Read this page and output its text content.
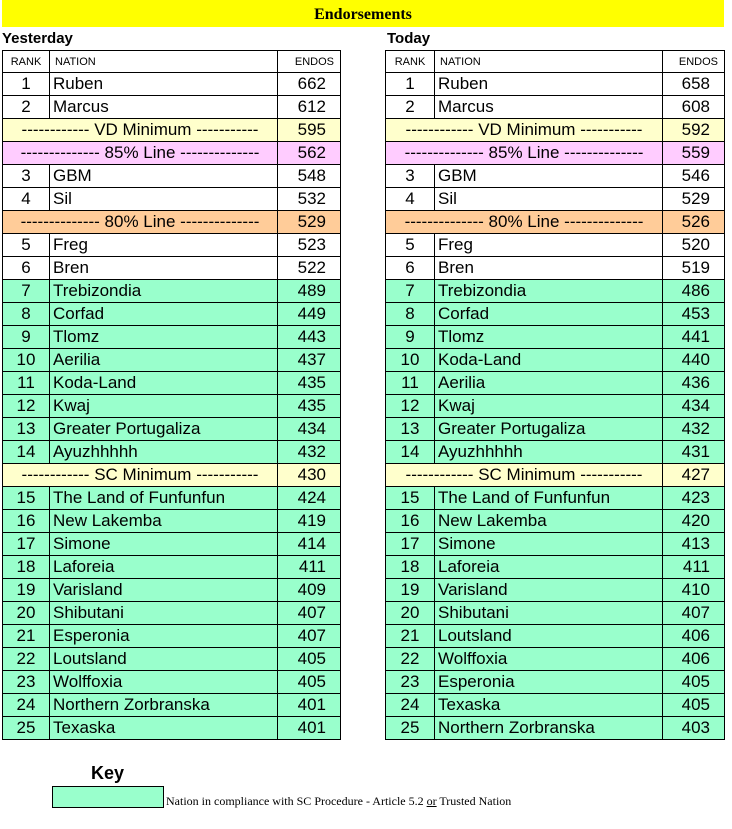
Endorsements
Yesterday	Today
RANK	NATION	ENDOS
1	Ruben	662
2	Marcus	612
------------ VD Minimum -----------		595
-------------- 85% Line --------------		562
3	GBM	548
4	Sil	532
-------------- 80% Line --------------		529
5	Freg	523
6	Bren	522
7	Trebizondia	489
8	Corfad	449
9	Tlomz	443
10	Aerilia	437
11	Koda-Land	435
12	Kwaj	435
13	Greater Portugaliza	434
14	Ayuzhhhhh	432
------------ SC Minimum -----------		430
15	The Land of Funfunfun	424
16	New Lakemba	419
17	Simone	414
18	Laforeia	411
19	Varisland	409
20	Shibutani	407
21	Esperonia	407
22	Loutsland	405
23	Wolffoxia	405
24	Northern Zorbranska	401
25	Texaska	401
RANK	NATION	ENDOS
1	Ruben	658
2	Marcus	608
------------ VD Minimum -----------		592
-------------- 85% Line --------------		559
3	GBM	546
4	Sil	529
-------------- 80% Line --------------		526
5	Freg	520
6	Bren	519
7	Trebizondia	486
8	Corfad	453
9	Tlomz	441
10	Koda-Land	440
11	Aerilia	436
12	Kwaj	434
13	Greater Portugaliza	432
14	Ayuzhhhhh	431
------------ SC Minimum -----------		427
15	The Land of Funfunfun	423
16	New Lakemba	420
17	Simone	413
18	Laforeia	411
19	Varisland	410
20	Shibutani	407
21	Loutsland	406
22	Wolffoxia	406
23	Esperonia	405
24	Texaska	405
25	Northern Zorbranska	403
Key
Nation in compliance with SC Procedure - Article 5.2 or Trusted Nation
